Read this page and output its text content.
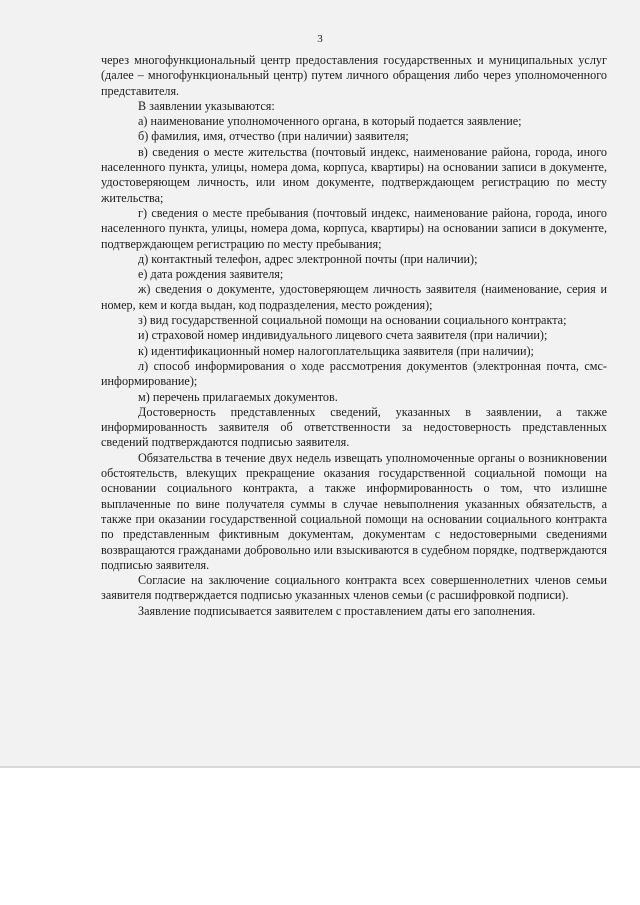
3

через многофункциональный центр предоставления государственных и муниципальных услуг (далее – многофункциональный центр) путем личного обращения либо через уполномоченного представителя.

В заявлении указываются:

а) наименование уполномоченного органа, в который подается заявление;

б) фамилия, имя, отчество (при наличии) заявителя;

в) сведения о месте жительства (почтовый индекс, наименование района, города, иного населенного пункта, улицы, номера дома, корпуса, квартиры) на основании записи в документе, удостоверяющем личность, или ином документе, подтверждающем регистрацию по месту жительства;

г) сведения о месте пребывания (почтовый индекс, наименование района, города, иного населенного пункта, улицы, номера дома, корпуса, квартиры) на основании записи в документе, подтверждающем регистрацию по месту пребывания;

д) контактный телефон, адрес электронной почты (при наличии);

е) дата рождения заявителя;

ж) сведения о документе, удостоверяющем личность заявителя (наименование, серия и номер, кем и когда выдан, код подразделения, место рождения);

з) вид государственной социальной помощи на основании социального контракта;

и) страховой номер индивидуального лицевого счета заявителя (при наличии);

к) идентификационный номер налогоплательщика заявителя (при наличии);

л) способ информирования о ходе рассмотрения документов (электронная почта, смс-информирование);

м) перечень прилагаемых документов.

Достоверность представленных сведений, указанных в заявлении, а также информированность заявителя об ответственности за недостоверность представленных сведений подтверждаются подписью заявителя.

Обязательства в течение двух недель извещать уполномоченные органы о возникновении обстоятельств, влекущих прекращение оказания государственной социальной помощи на основании социального контракта, а также информированность о том, что излишне выплаченные по вине получателя суммы в случае невыполнения указанных обязательств, а также при оказании государственной социальной помощи на основании социального контракта по представленным фиктивным документам, документам с недостоверными сведениями возвращаются гражданами добровольно или взыскиваются в судебном порядке, подтверждаются подписью заявителя.

Согласие на заключение социального контракта всех совершеннолетних членов семьи заявителя подтверждается подписью указанных членов семьи (с расшифровкой подписи).

Заявление подписывается заявителем с проставлением даты его заполнения.
